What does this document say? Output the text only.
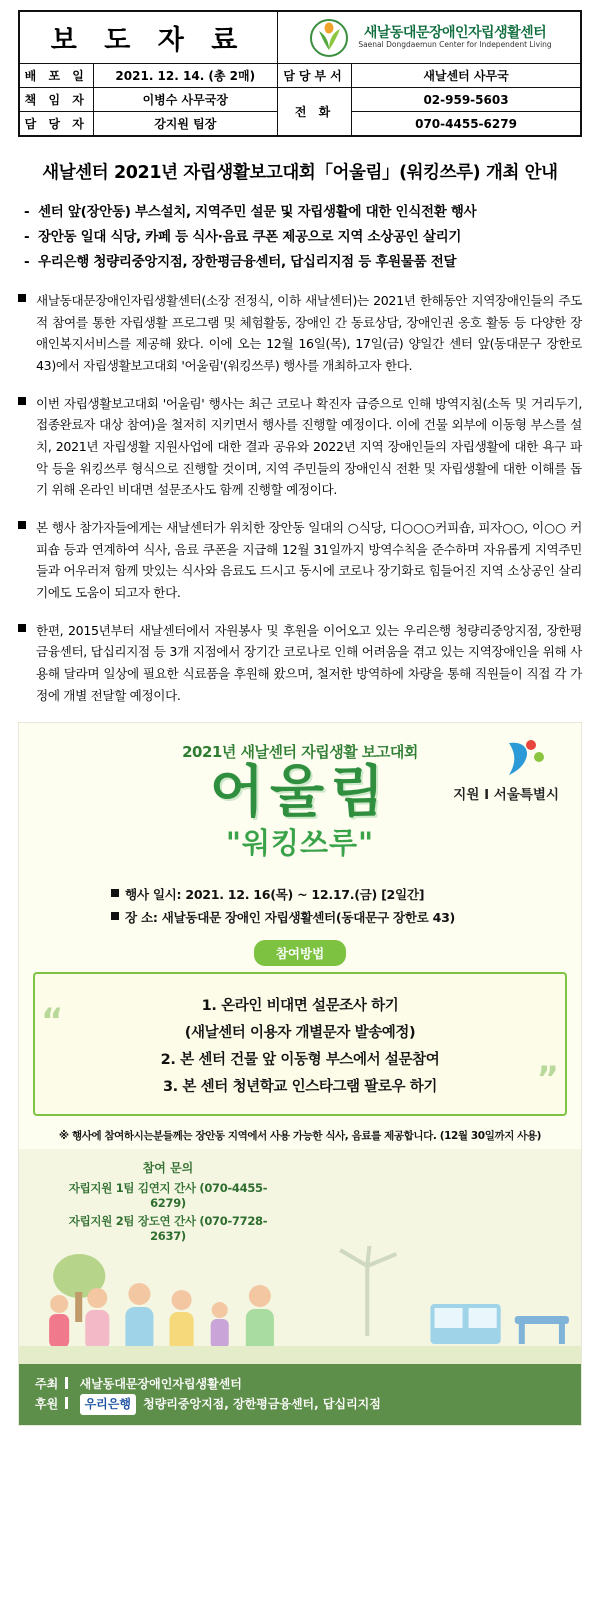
보 도 자 료		새날동대문장애인자립생활센터
Saenal Dongdaemun Center for Independent Living	

배 포 일	2021. 12. 14. (총 2매)	담당부서	새날센터 사무국
책 임 자	이병수 사무국장	전 화	02-959-5603
담 당 자	강지원 팀장		070-4455-6279
새날센터 2021년 자립생활보고대회「어울림」(워킹쓰루) 개최 안내
- 센터 앞(장안동) 부스설치, 지역주민 설문 및 자립생활에 대한 인식전환 행사
- 장안동 일대 식당, 카페 등 식사·음료 쿠폰 제공으로 지역 소상공인 살리기
- 우리은행 청량리중앙지점, 장한평금융센터, 답십리지점 등 후원물품 전달
새날동대문장애인자립생활센터(소장 전정식, 이하 새날센터)는 2021년 한해동안 지역장애인들의 주도적 참여를 통한 자립생활 프로그램 및 체험활동, 장애인 간 동료상담, 장애인권 옹호 활동 등 다양한 장애인복지서비스를 제공해 왔다. 이에 오는 12월 16일(목), 17일(금) 양일간 센터 앞(동대문구 장한로 43)에서 자립생활보고대회 '어울림'(워킹쓰루) 행사를 개최하고자 한다.
이번 자립생활보고대회 '어울림' 행사는 최근 코로나 확진자 급증으로 인해 방역지침(소독 및 거리두기, 접종완료자 대상 참여)을 철저히 지키면서 행사를 진행할 예정이다. 이에 건물 외부에 이동형 부스를 설치, 2021년 자립생활 지원사업에 대한 결과 공유와 2022년 지역 장애인들의 자립생활에 대한 욕구 파악 등을 워킹쓰루 형식으로 진행할 것이며, 지역 주민들의 장애인식 전환 및 자립생활에 대한 이해를 돕기 위해 온라인 비대면 설문조사도 함께 진행할 예정이다.
본 행사 참가자들에게는 새날센터가 위치한 장안동 일대의 ○식당, 디○○○커피숍, 피자○○, 이○○ 커피숍 등과 연계하여 식사, 음료 쿠폰을 지급해 12월 31일까지 방역수칙을 준수하며 자유롭게 지역주민들과 어우러져 함께 맛있는 식사와 음료도 드시고 동시에 코로나 장기화로 힘들어진 지역 소상공인 살리기에도 도움이 되고자 한다.
한편, 2015년부터 새날센터에서 자원봉사 및 후원을 이어오고 있는 우리은행 청량리중앙지점, 장한평금융센터, 답십리지점 등 3개 지점에서 장기간 코로나로 인해 어려움을 겪고 있는 지역장애인을 위해 사용해 달라며 일상에 필요한 식료품을 후원해 왔으며, 철저한 방역하에 차량을 통해 직원들이 직접 각 가정에 개별 전달할 예정이다.
2021년 새날센터 자립생활 보고대회
어울림
"워킹쓰루"
지원 I 서울특별시
행사 일시: 2021. 12. 16(목) ~ 12.17.(금) [2일간]
장 소: 새날동대문 장애인 자립생활센터(동대문구 장한로 43)
참여방법
“
”
1. 온라인 비대면 설문조사 하기
(새날센터 이용자 개별문자 발송예정)
2. 본 센터 건물 앞 이동형 부스에서 설문참여
3. 본 센터 청년학교 인스타그램 팔로우 하기
※ 행사에 참여하시는분들께는 장안동 지역에서 사용 가능한 식사, 음료를 제공합니다. (12월 30일까지 사용)
참여 문의
자립지원 1팀 김연지 간사 (070-4455-6279)
자립지원 2팀 장도연 간사 (070-7728-2637)
주최 새날동대문장애인자립생활센터
후원 우리은행 청량리중앙지점, 장한평금융센터, 답십리지점
